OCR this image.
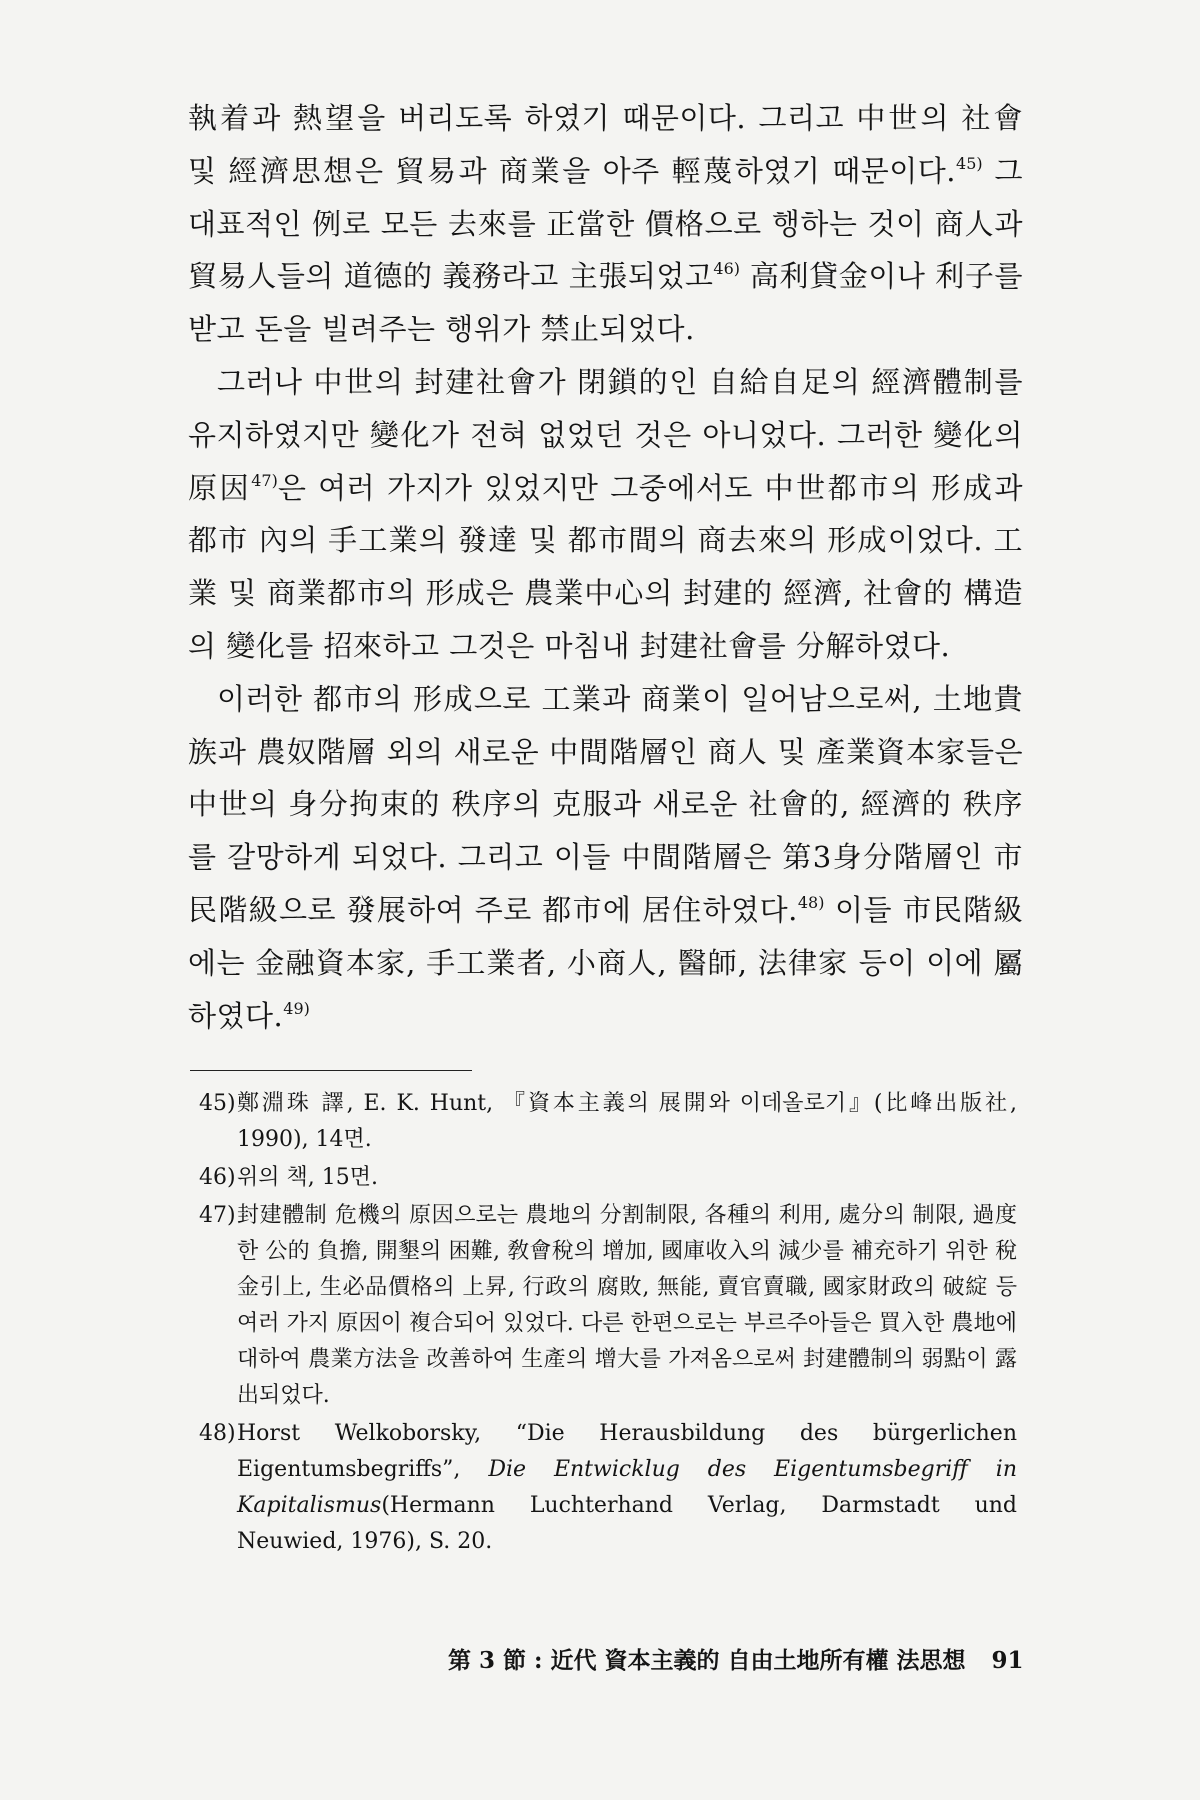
執着과 熱望을 버리도록 하였기 때문이다. 그리고 中世의 社會 및 經濟思想은 貿易과 商業을 아주 輕蔑하였기 때문이다.$^{45)}$ 그 대표적인 例로 모든 去來를 正當한 價格으로 행하는 것이 商人과 貿易人들의 道德的 義務라고 主張되었고$^{46)}$ 高利貸金이나 利子를 받고 돈을 빌려주는 행위가 禁止되었다.

그러나 中世의 封建社會가 閉鎖的인 自給自足의 經濟體制를 유지하였지만 變化가 전혀 없었던 것은 아니었다. 그러한 變化의 原因$^{47)}$은 여러 가지가 있었지만 그중에서도 中世都市의 形成과 都市 內의 手工業의 發達 및 都市間의 商去來의 形成이었다. 工業 및 商業都市의 形成은 農業中心의 封建的 經濟, 社會的 構造의 變化를 招來하고 그것은 마침내 封建社會를 分解하였다.

이러한 都市의 形成으로 工業과 商業이 일어남으로써, 土地貴族과 農奴階層 외의 새로운 中間階層인 商人 및 產業資本家들은 中世의 身分拘束的 秩序의 克服과 새로운 社會的, 經濟的 秩序를 갈망하게 되었다. 그리고 이들 中間階層은 第3身分階層인 市民階級으로 發展하여 주로 都市에 居住하였다.$^{48)}$ 이들 市民階級에는 金融資本家, 手工業者, 小商人, 醫師, 法律家 등이 이에 屬하였다.$^{49)}$

45) 鄭淵珠 譯, E. K. Hunt, 『資本主義의 展開와 이데올로기』(比峰出版社, 1990), 14면.
46) 위의 책, 15면.
47) 封建體制 危機의 原因으로는 農地의 分割制限, 各種의 利用, 處分의 制限, 過度한 公的 負擔, 開墾의 困難, 敎會稅의 增加, 國庫收入의 減少를 補充하기 위한 稅金引上, 生必品價格의 上昇, 行政의 腐敗, 無能, 賣官賣職, 國家財政의 破綻 등 여러 가지 原因이 複合되어 있었다. 다른 한편으로는 부르주아들은 買入한 農地에 대하여 農業方法을 改善하여 生產의 增大를 가져옴으로써 封建體制의 弱點이 露出되었다.
48) Horst Welkoborsky, “Die Herausbildung des bürgerlichen Eigentumsbegriffs”, Die Entwicklug des Eigentumsbegriff in Kapitalismus(Hermann Luchterhand Verlag, Darmstadt und Neuwied, 1976), S. 20.
第 3 節 : 近代 資本主義的 自由土地所有權 法思想 91
